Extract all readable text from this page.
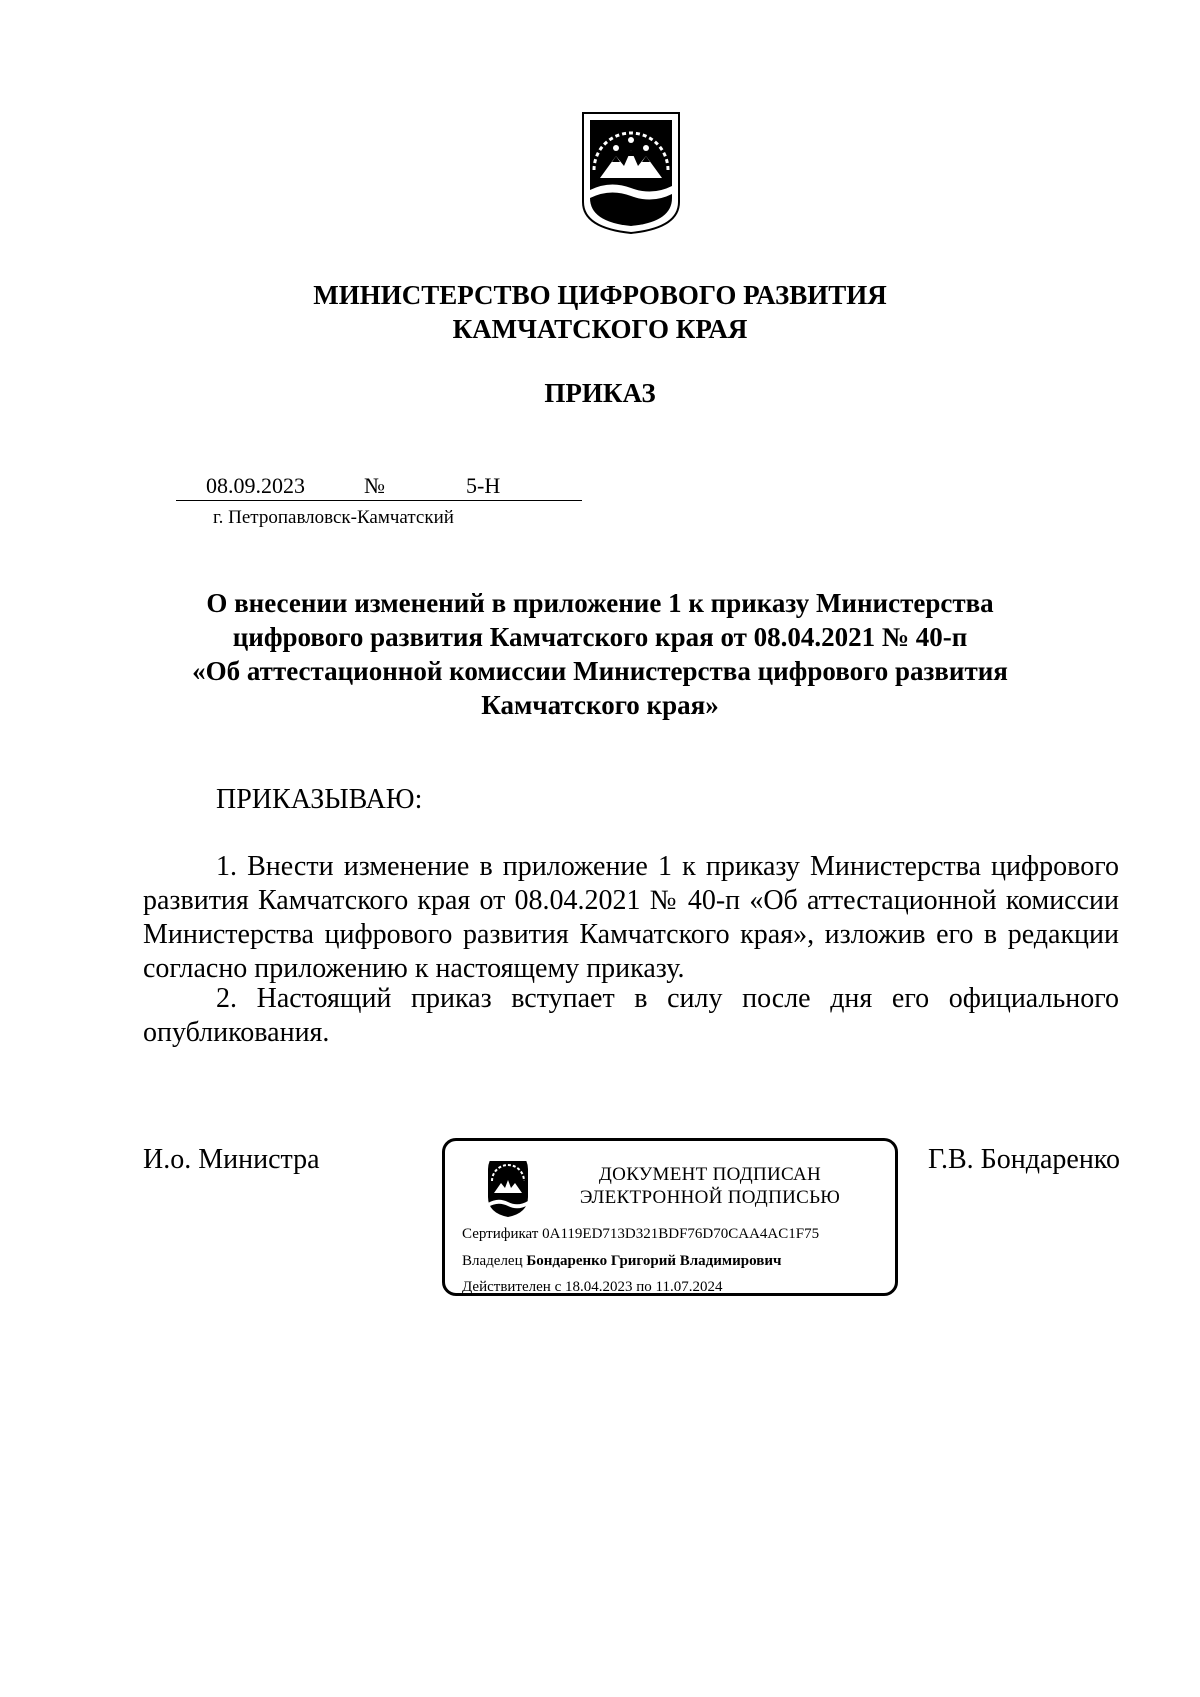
МИНИСТЕРСТВО ЦИФРОВОГО РАЗВИТИЯ
КАМЧАТСКОГО КРАЯ
ПРИКАЗ
08.09.2023	№	5-Н
г. Петропавловск-Камчатский
О внесении изменений в приложение 1 к приказу Министерства
цифрового развития Камчатского края от 08.04.2021 № 40-п
«Об аттестационной комиссии Министерства цифрового развития
Камчатского края»
ПРИКАЗЫВАЮ:
1. Внести изменение в приложение 1 к приказу Министерства цифрового развития Камчатского края от 08.04.2021 № 40-п «Об аттестационной комиссии Министерства цифрового развития Камчатского края», изложив его в редакции согласно приложению к настоящему приказу.
2. Настоящий приказ вступает в силу после дня его официального опубликования.
И.о. Министра	Г.В. Бондаренко
ДОКУМЕНТ ПОДПИСАН
ЭЛЕКТРОННОЙ ПОДПИСЬЮ
Сертификат 0А119ЕD713D321BDF76D70CAA4AC1F75
Владелец Бондаренко Григорий Владимирович
Действителен с 18.04.2023 по 11.07.2024
